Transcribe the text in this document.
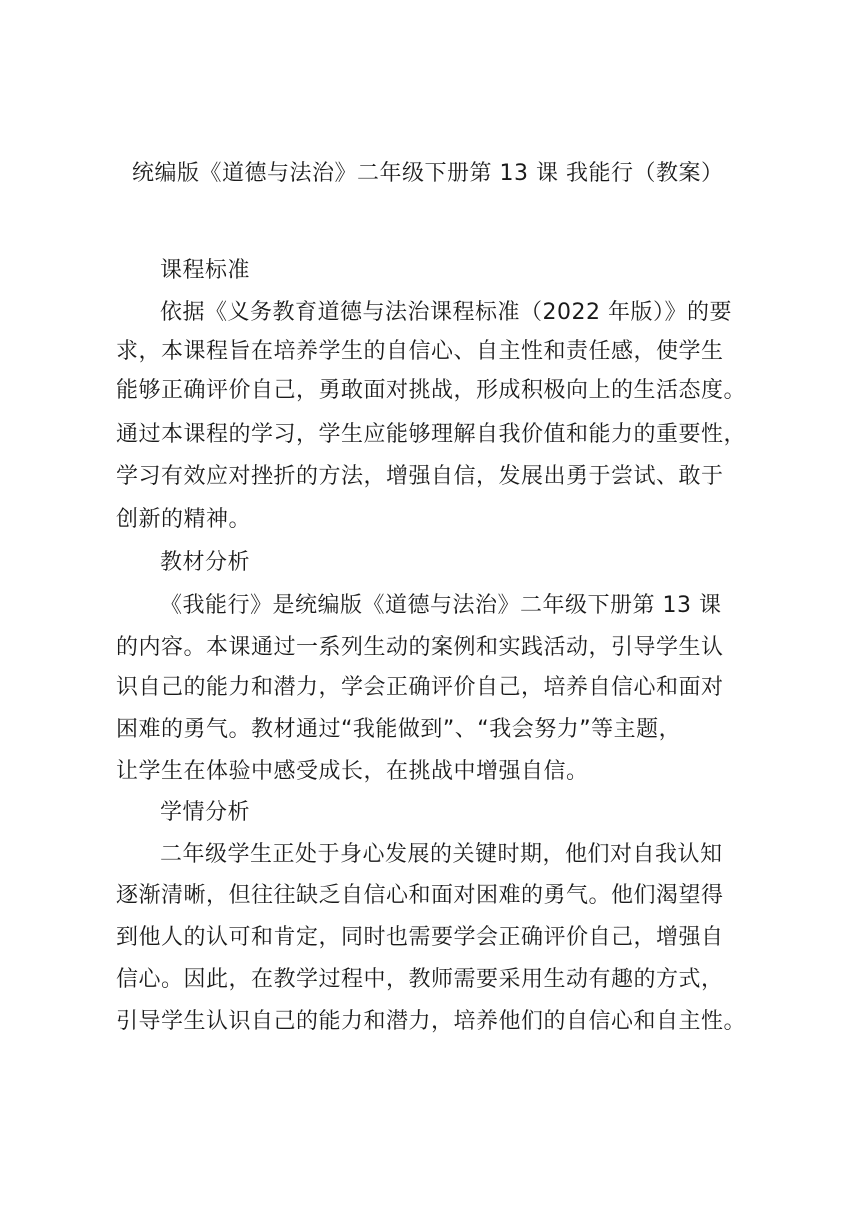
统编版《道德与法治》二年级下册第 13 课 我能行（教案）
课程标准
依据《义务教育道德与法治课程标准（2022 年版）》的要
求，本课程旨在培养学生的自信心、自主性和责任感，使学生
能够正确评价自己，勇敢面对挑战，形成积极向上的生活态度。
通过本课程的学习，学生应能够理解自我价值和能力的重要性，
学习有效应对挫折的方法，增强自信，发展出勇于尝试、敢于
创新的精神。
教材分析
《我能行》是统编版《道德与法治》二年级下册第 13 课
的内容。本课通过一系列生动的案例和实践活动，引导学生认
识自己的能力和潜力，学会正确评价自己，培养自信心和面对
困难的勇气。教材通过“我能做到”、“我会努力”等主题，
让学生在体验中感受成长，在挑战中增强自信。
学情分析
二年级学生正处于身心发展的关键时期，他们对自我认知
逐渐清晰，但往往缺乏自信心和面对困难的勇气。他们渴望得
到他人的认可和肯定，同时也需要学会正确评价自己，增强自
信心。因此，在教学过程中，教师需要采用生动有趣的方式，
引导学生认识自己的能力和潜力，培养他们的自信心和自主性。
